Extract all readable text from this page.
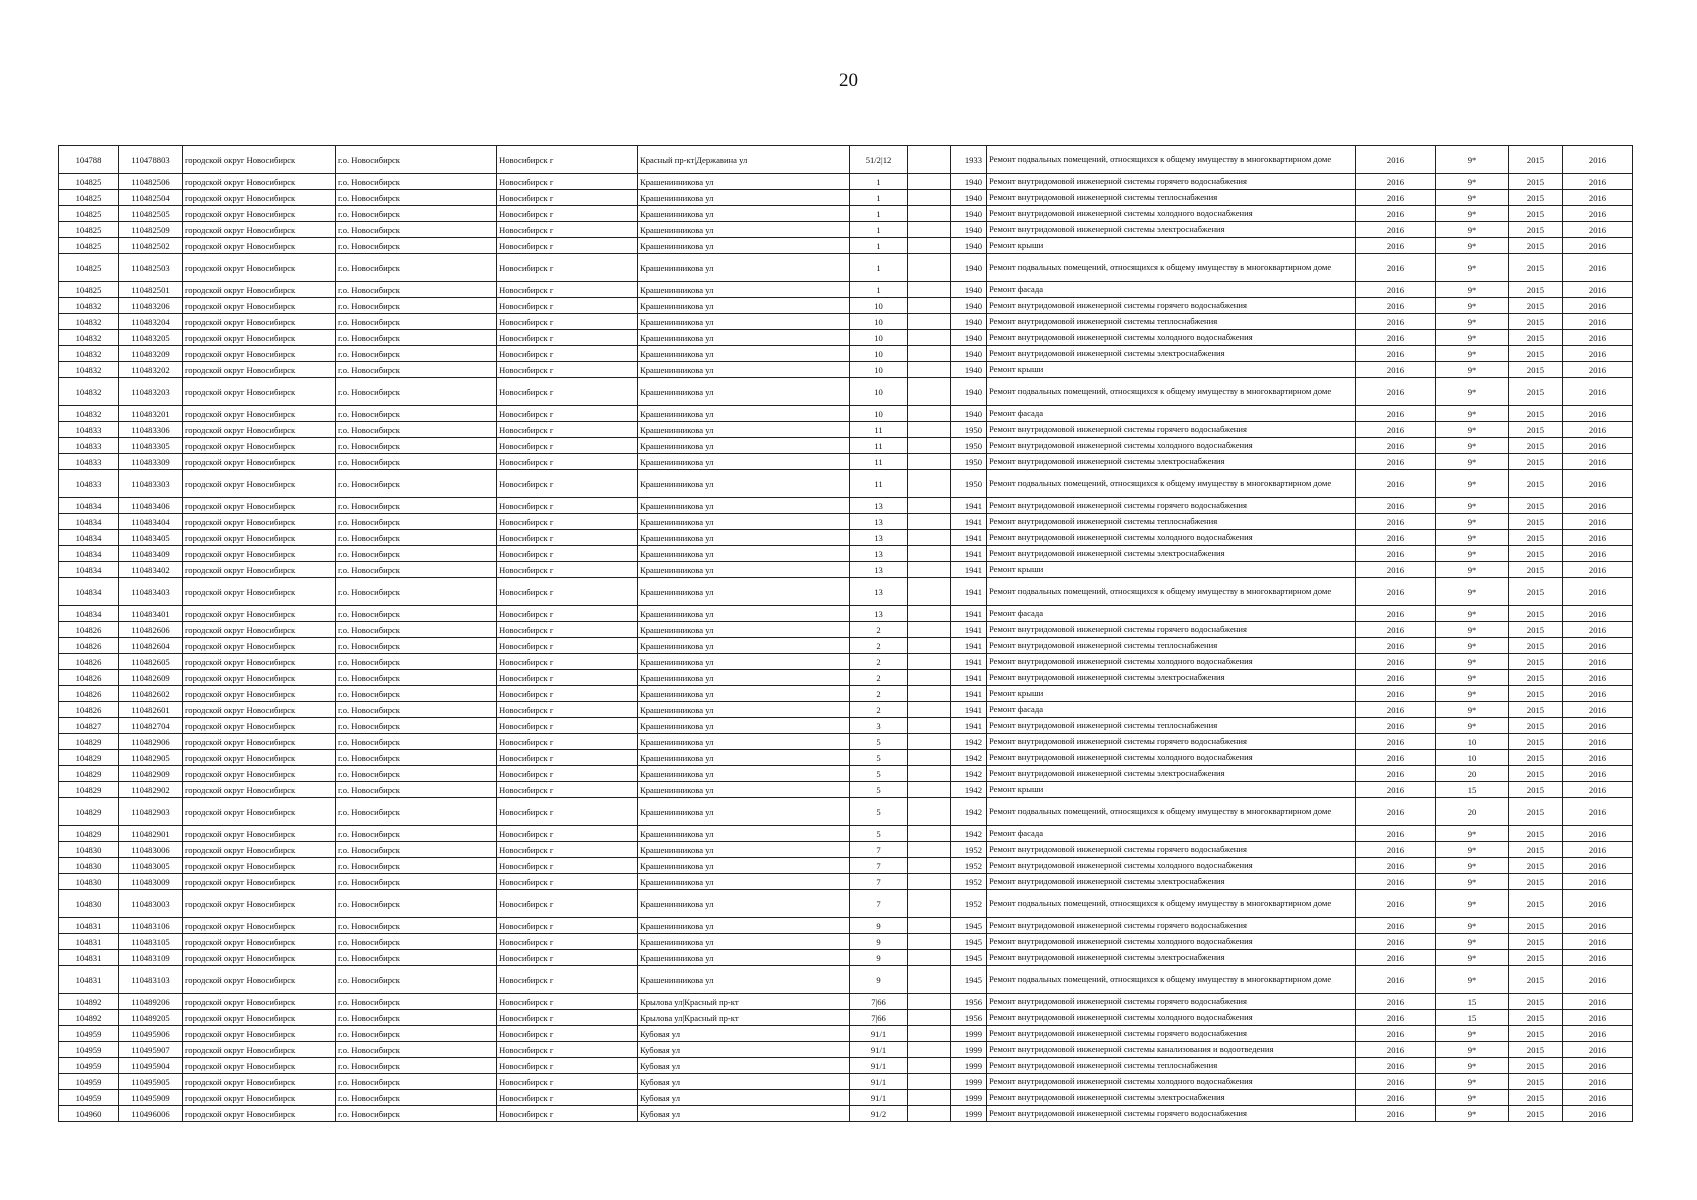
20
104788	110478803	городской округ Новосибирск	г.о. Новосибирск	Новосибирск г	Красный пр-кт|Державина ул	51/2|12		1933	Ремонт подвальных помещений, относящихся к общему имуществу в многоквартирном доме	2016	9*	2015	2016
104825	110482506	городской округ Новосибирск	г.о. Новосибирск	Новосибирск г	Крашенинникова ул	1		1940	Ремонт внутридомовой инженерной системы горячего водоснабжения	2016	9*	2015	2016
104825	110482504	городской округ Новосибирск	г.о. Новосибирск	Новосибирск г	Крашенинникова ул	1		1940	Ремонт внутридомовой инженерной системы теплоснабжения	2016	9*	2015	2016
104825	110482505	городской округ Новосибирск	г.о. Новосибирск	Новосибирск г	Крашенинникова ул	1		1940	Ремонт внутридомовой инженерной системы холодного водоснабжения	2016	9*	2015	2016
104825	110482509	городской округ Новосибирск	г.о. Новосибирск	Новосибирск г	Крашенинникова ул	1		1940	Ремонт внутридомовой инженерной системы электроснабжения	2016	9*	2015	2016
104825	110482502	городской округ Новосибирск	г.о. Новосибирск	Новосибирск г	Крашенинникова ул	1		1940	Ремонт крыши	2016	9*	2015	2016
104825	110482503	городской округ Новосибирск	г.о. Новосибирск	Новосибирск г	Крашенинникова ул	1		1940	Ремонт подвальных помещений, относящихся к общему имуществу в многоквартирном доме	2016	9*	2015	2016
104825	110482501	городской округ Новосибирск	г.о. Новосибирск	Новосибирск г	Крашенинникова ул	1		1940	Ремонт фасада	2016	9*	2015	2016
104832	110483206	городской округ Новосибирск	г.о. Новосибирск	Новосибирск г	Крашенинникова ул	10		1940	Ремонт внутридомовой инженерной системы горячего водоснабжения	2016	9*	2015	2016
104832	110483204	городской округ Новосибирск	г.о. Новосибирск	Новосибирск г	Крашенинникова ул	10		1940	Ремонт внутридомовой инженерной системы теплоснабжения	2016	9*	2015	2016
104832	110483205	городской округ Новосибирск	г.о. Новосибирск	Новосибирск г	Крашенинникова ул	10		1940	Ремонт внутридомовой инженерной системы холодного водоснабжения	2016	9*	2015	2016
104832	110483209	городской округ Новосибирск	г.о. Новосибирск	Новосибирск г	Крашенинникова ул	10		1940	Ремонт внутридомовой инженерной системы электроснабжения	2016	9*	2015	2016
104832	110483202	городской округ Новосибирск	г.о. Новосибирск	Новосибирск г	Крашенинникова ул	10		1940	Ремонт крыши	2016	9*	2015	2016
104832	110483203	городской округ Новосибирск	г.о. Новосибирск	Новосибирск г	Крашенинникова ул	10		1940	Ремонт подвальных помещений, относящихся к общему имуществу в многоквартирном доме	2016	9*	2015	2016
104832	110483201	городской округ Новосибирск	г.о. Новосибирск	Новосибирск г	Крашенинникова ул	10		1940	Ремонт фасада	2016	9*	2015	2016
104833	110483306	городской округ Новосибирск	г.о. Новосибирск	Новосибирск г	Крашенинникова ул	11		1950	Ремонт внутридомовой инженерной системы горячего водоснабжения	2016	9*	2015	2016
104833	110483305	городской округ Новосибирск	г.о. Новосибирск	Новосибирск г	Крашенинникова ул	11		1950	Ремонт внутридомовой инженерной системы холодного водоснабжения	2016	9*	2015	2016
104833	110483309	городской округ Новосибирск	г.о. Новосибирск	Новосибирск г	Крашенинникова ул	11		1950	Ремонт внутридомовой инженерной системы электроснабжения	2016	9*	2015	2016
104833	110483303	городской округ Новосибирск	г.о. Новосибирск	Новосибирск г	Крашенинникова ул	11		1950	Ремонт подвальных помещений, относящихся к общему имуществу в многоквартирном доме	2016	9*	2015	2016
104834	110483406	городской округ Новосибирск	г.о. Новосибирск	Новосибирск г	Крашенинникова ул	13		1941	Ремонт внутридомовой инженерной системы горячего водоснабжения	2016	9*	2015	2016
104834	110483404	городской округ Новосибирск	г.о. Новосибирск	Новосибирск г	Крашенинникова ул	13		1941	Ремонт внутридомовой инженерной системы теплоснабжения	2016	9*	2015	2016
104834	110483405	городской округ Новосибирск	г.о. Новосибирск	Новосибирск г	Крашенинникова ул	13		1941	Ремонт внутридомовой инженерной системы холодного водоснабжения	2016	9*	2015	2016
104834	110483409	городской округ Новосибирск	г.о. Новосибирск	Новосибирск г	Крашенинникова ул	13		1941	Ремонт внутридомовой инженерной системы электроснабжения	2016	9*	2015	2016
104834	110483402	городской округ Новосибирск	г.о. Новосибирск	Новосибирск г	Крашенинникова ул	13		1941	Ремонт крыши	2016	9*	2015	2016
104834	110483403	городской округ Новосибирск	г.о. Новосибирск	Новосибирск г	Крашенинникова ул	13		1941	Ремонт подвальных помещений, относящихся к общему имуществу в многоквартирном доме	2016	9*	2015	2016
104834	110483401	городской округ Новосибирск	г.о. Новосибирск	Новосибирск г	Крашенинникова ул	13		1941	Ремонт фасада	2016	9*	2015	2016
104826	110482606	городской округ Новосибирск	г.о. Новосибирск	Новосибирск г	Крашенинникова ул	2		1941	Ремонт внутридомовой инженерной системы горячего водоснабжения	2016	9*	2015	2016
104826	110482604	городской округ Новосибирск	г.о. Новосибирск	Новосибирск г	Крашенинникова ул	2		1941	Ремонт внутридомовой инженерной системы теплоснабжения	2016	9*	2015	2016
104826	110482605	городской округ Новосибирск	г.о. Новосибирск	Новосибирск г	Крашенинникова ул	2		1941	Ремонт внутридомовой инженерной системы холодного водоснабжения	2016	9*	2015	2016
104826	110482609	городской округ Новосибирск	г.о. Новосибирск	Новосибирск г	Крашенинникова ул	2		1941	Ремонт внутридомовой инженерной системы электроснабжения	2016	9*	2015	2016
104826	110482602	городской округ Новосибирск	г.о. Новосибирск	Новосибирск г	Крашенинникова ул	2		1941	Ремонт крыши	2016	9*	2015	2016
104826	110482601	городской округ Новосибирск	г.о. Новосибирск	Новосибирск г	Крашенинникова ул	2		1941	Ремонт фасада	2016	9*	2015	2016
104827	110482704	городской округ Новосибирск	г.о. Новосибирск	Новосибирск г	Крашенинникова ул	3		1941	Ремонт внутридомовой инженерной системы теплоснабжения	2016	9*	2015	2016
104829	110482906	городской округ Новосибирск	г.о. Новосибирск	Новосибирск г	Крашенинникова ул	5		1942	Ремонт внутридомовой инженерной системы горячего водоснабжения	2016	10	2015	2016
104829	110482905	городской округ Новосибирск	г.о. Новосибирск	Новосибирск г	Крашенинникова ул	5		1942	Ремонт внутридомовой инженерной системы холодного водоснабжения	2016	10	2015	2016
104829	110482909	городской округ Новосибирск	г.о. Новосибирск	Новосибирск г	Крашенинникова ул	5		1942	Ремонт внутридомовой инженерной системы электроснабжения	2016	20	2015	2016
104829	110482902	городской округ Новосибирск	г.о. Новосибирск	Новосибирск г	Крашенинникова ул	5		1942	Ремонт крыши	2016	15	2015	2016
104829	110482903	городской округ Новосибирск	г.о. Новосибирск	Новосибирск г	Крашенинникова ул	5		1942	Ремонт подвальных помещений, относящихся к общему имуществу в многоквартирном доме	2016	20	2015	2016
104829	110482901	городской округ Новосибирск	г.о. Новосибирск	Новосибирск г	Крашенинникова ул	5		1942	Ремонт фасада	2016	9*	2015	2016
104830	110483006	городской округ Новосибирск	г.о. Новосибирск	Новосибирск г	Крашенинникова ул	7		1952	Ремонт внутридомовой инженерной системы горячего водоснабжения	2016	9*	2015	2016
104830	110483005	городской округ Новосибирск	г.о. Новосибирск	Новосибирск г	Крашенинникова ул	7		1952	Ремонт внутридомовой инженерной системы холодного водоснабжения	2016	9*	2015	2016
104830	110483009	городской округ Новосибирск	г.о. Новосибирск	Новосибирск г	Крашенинникова ул	7		1952	Ремонт внутридомовой инженерной системы электроснабжения	2016	9*	2015	2016
104830	110483003	городской округ Новосибирск	г.о. Новосибирск	Новосибирск г	Крашенинникова ул	7		1952	Ремонт подвальных помещений, относящихся к общему имуществу в многоквартирном доме	2016	9*	2015	2016
104831	110483106	городской округ Новосибирск	г.о. Новосибирск	Новосибирск г	Крашенинникова ул	9		1945	Ремонт внутридомовой инженерной системы горячего водоснабжения	2016	9*	2015	2016
104831	110483105	городской округ Новосибирск	г.о. Новосибирск	Новосибирск г	Крашенинникова ул	9		1945	Ремонт внутридомовой инженерной системы холодного водоснабжения	2016	9*	2015	2016
104831	110483109	городской округ Новосибирск	г.о. Новосибирск	Новосибирск г	Крашенинникова ул	9		1945	Ремонт внутридомовой инженерной системы электроснабжения	2016	9*	2015	2016
104831	110483103	городской округ Новосибирск	г.о. Новосибирск	Новосибирск г	Крашенинникова ул	9		1945	Ремонт подвальных помещений, относящихся к общему имуществу в многоквартирном доме	2016	9*	2015	2016
104892	110489206	городской округ Новосибирск	г.о. Новосибирск	Новосибирск г	Крылова ул|Красный пр-кт	7|66		1956	Ремонт внутридомовой инженерной системы горячего водоснабжения	2016	15	2015	2016
104892	110489205	городской округ Новосибирск	г.о. Новосибирск	Новосибирск г	Крылова ул|Красный пр-кт	7|66		1956	Ремонт внутридомовой инженерной системы холодного водоснабжения	2016	15	2015	2016
104959	110495906	городской округ Новосибирск	г.о. Новосибирск	Новосибирск г	Кубовая ул	91/1		1999	Ремонт внутридомовой инженерной системы горячего водоснабжения	2016	9*	2015	2016
104959	110495907	городской округ Новосибирск	г.о. Новосибирск	Новосибирск г	Кубовая ул	91/1		1999	Ремонт внутридомовой инженерной системы канализования и водоотведения	2016	9*	2015	2016
104959	110495904	городской округ Новосибирск	г.о. Новосибирск	Новосибирск г	Кубовая ул	91/1		1999	Ремонт внутридомовой инженерной системы теплоснабжения	2016	9*	2015	2016
104959	110495905	городской округ Новосибирск	г.о. Новосибирск	Новосибирск г	Кубовая ул	91/1		1999	Ремонт внутридомовой инженерной системы холодного водоснабжения	2016	9*	2015	2016
104959	110495909	городской округ Новосибирск	г.о. Новосибирск	Новосибирск г	Кубовая ул	91/1		1999	Ремонт внутридомовой инженерной системы электроснабжения	2016	9*	2015	2016
104960	110496006	городской округ Новосибирск	г.о. Новосибирск	Новосибирск г	Кубовая ул	91/2		1999	Ремонт внутридомовой инженерной системы горячего водоснабжения	2016	9*	2015	2016
